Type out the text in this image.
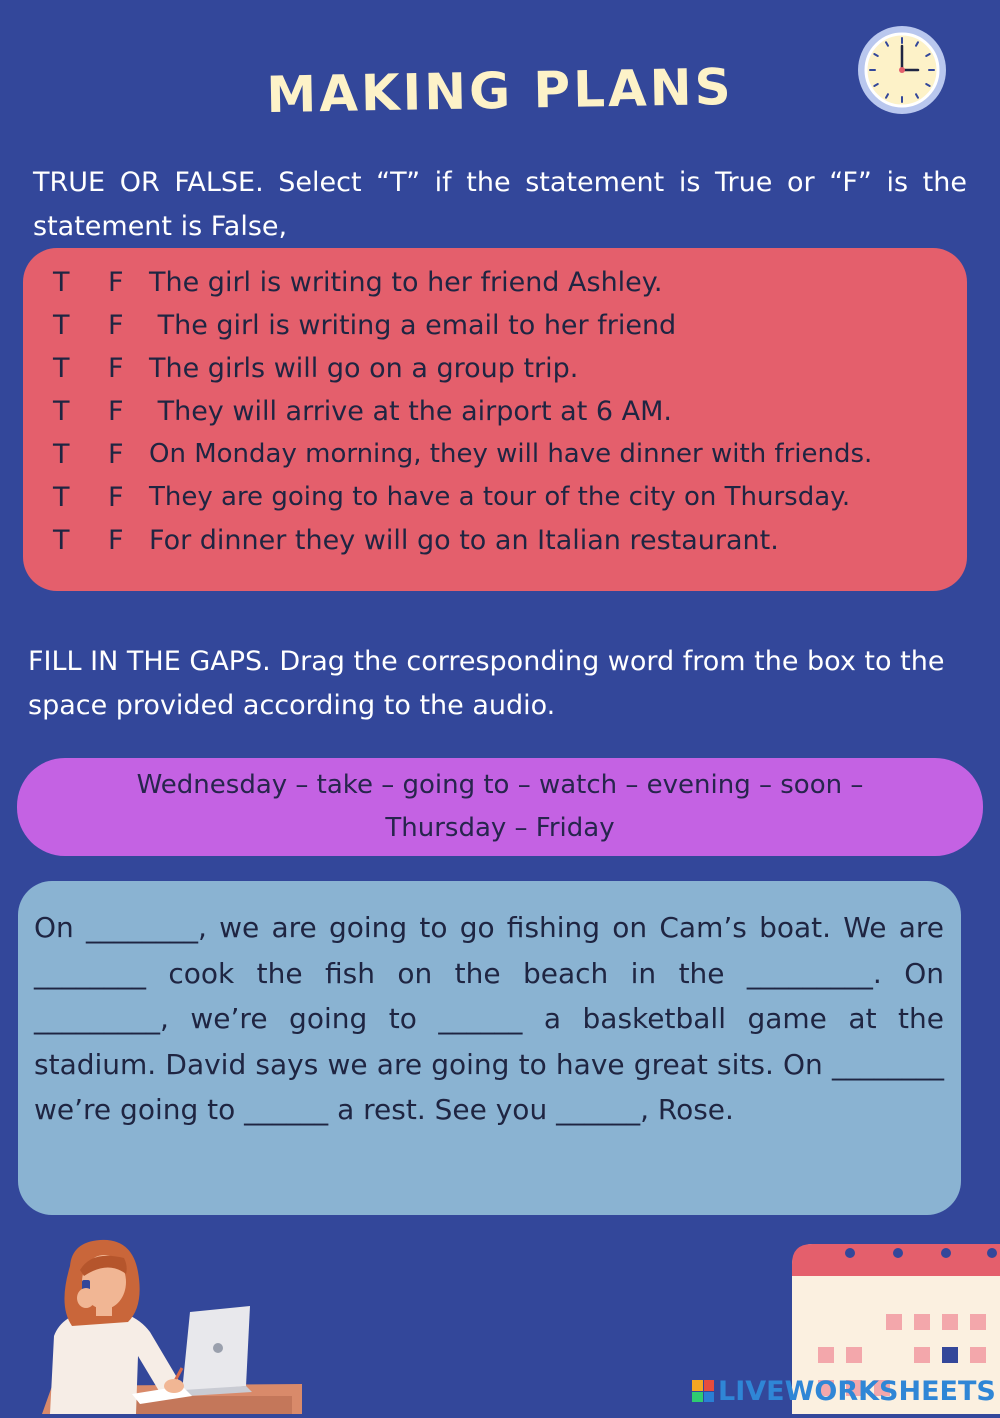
MAKING PLANS
TRUE OR FALSE. Select “T” if the statement is True or “F” is the statement is False,
T	F The girl is writing to her friend Ashley.
T	F The girl is writing a email to her friend
T	F The girls will go on a group trip.
T	F They will arrive at the airport at 6 AM.
T	F On Monday morning, they will have dinner with friends.
T	F They are going to have a tour of the city on Thursday.
T	F For dinner they will go to an Italian restaurant.
FILL IN THE GAPS. Drag the corresponding word from the box to the space provided according to the audio.
Wednesday – take – going to – watch – evening – soon – Thursday – Friday
On ________, we are going to go fishing on Cam’s boat. We are ________ cook the fish on the beach in the _________. On _________, we’re going to ______ a basketball game at the stadium. David says we are going to have great sits. On ________ we’re going to ______ a rest. See you ______, Rose.
LIVEWORKSHEETS
